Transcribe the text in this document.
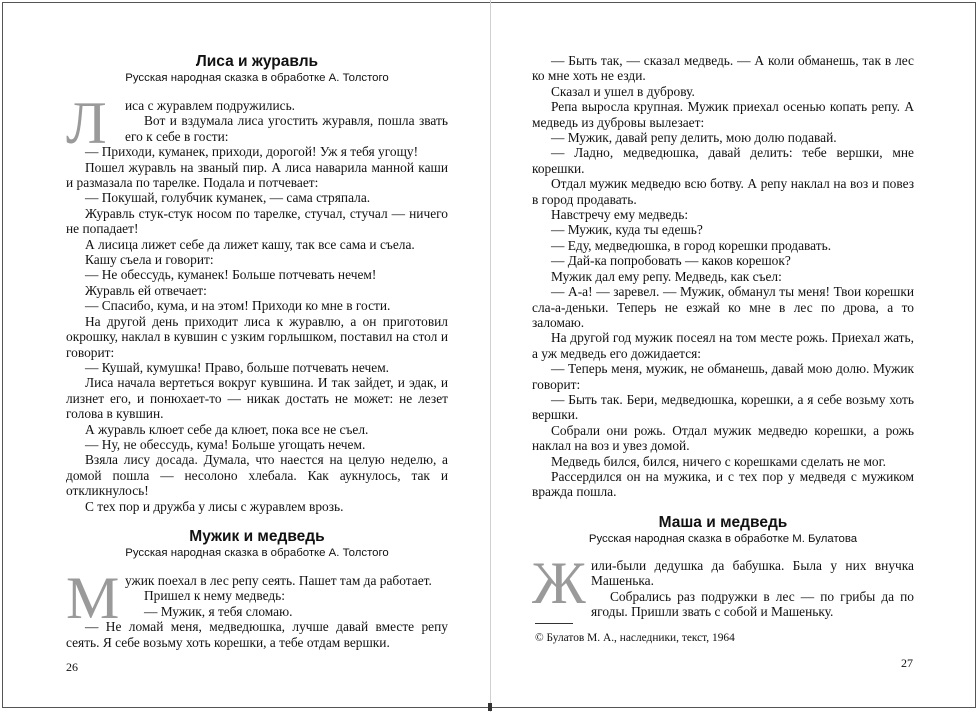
Лиса и журавль
Русская народная сказка в обработке А. Толстого
Л	иса с журавлем подружились.

Вот и вздумала лиса угостить журавля, пошла звать его к себе в гости:

— Приходи, куманек, приходи, дорогой! Уж я тебя угощу!

Пошел журавль на званый пир. А лиса наварила манной каши и размазала по тарелке. Подала и потчевает:

— Покушай, голубчик куманек, — сама стряпала.

Журавль стук-стук носом по тарелке, стучал, стучал — ничего не попадает!

А лисица лижет себе да лижет кашу, так все сама и съела.

Кашу съела и говорит:

— Не обессудь, куманек! Больше потчевать нечем!

Журавль ей отвечает:

— Спасибо, кума, и на этом! Приходи ко мне в гости.

На другой день приходит лиса к журавлю, а он приготовил окрошку, наклал в кувшин с узким горлышком, поставил на стол и говорит:

— Кушай, кумушка! Право, больше потчевать нечем.

Лиса начала вертеться вокруг кувшина. И так зайдет, и эдак, и лизнет его, и понюхает-то — никак достать не может: не лезет голова в кувшин.

А журавль клюет себе да клюет, пока все не съел.

— Ну, не обессудь, кума! Больше угощать нечем.

Взяла лису досада. Думала, что наестся на целую неделю, а домой пошла — несолоно хлебала. Как аукнулось, так и откликнулось!

С тех пор и дружба у лисы с журавлем врозь.

Мужик и медведь
Русская народная сказка в обработке А. Толстого
М ужик поехал в лес репу сеять. Пашет там да работает.

Пришел к нему медведь:

— Мужик, я тебя сломаю.

— Не ломай меня, медведюшка, лучше давай вместе репу сеять. Я себе возьму хоть корешки, а тебе отдам вершки.

26

— Быть так, — сказал медведь. — А коли обманешь, так в лес ко мне хоть не езди.

Сказал и ушел в дуброву.

Репа выросла крупная. Мужик приехал осенью копать репу. А медведь из дубровы вылезает:

— Мужик, давай репу делить, мою долю подавай.

— Ладно, медведюшка, давай делить: тебе вершки, мне корешки.

Отдал мужик медведю всю ботву. А репу наклал на воз и повез в город продавать.

Навстречу ему медведь:

— Мужик, куда ты едешь?

— Еду, медведюшка, в город корешки продавать.

— Дай-ка попробовать — каков корешок?

Мужик дал ему репу. Медведь, как съел:

— А-а! — заревел. — Мужик, обманул ты меня! Твои корешки сла-а-деньки. Теперь не езжай ко мне в лес по дрова, а то заломаю.

На другой год мужик посеял на том месте рожь. Приехал жать, а уж медведь его дожидается:

— Теперь меня, мужик, не обманешь, давай мою долю. Мужик говорит:

— Быть так. Бери, медведюшка, корешки, а я себе возьму хоть вершки.

Собрали они рожь. Отдал мужик медведю корешки, а рожь наклал на воз и увез домой.

Медведь бился, бился, ничего с корешками сделать не мог.

Рассердился он на мужика, и с тех пор у медведя с мужиком вражда пошла.

Маша и медведь
Русская народная сказка в обработке М. Булатова
Ж или-были дедушка да бабушка. Была у них внучка Машенька.

Собрались раз подружки в лес — по грибы да по ягоды. Пришли звать с собой и Машеньку.

© Булатов М. А., наследники, текст, 1964
27
